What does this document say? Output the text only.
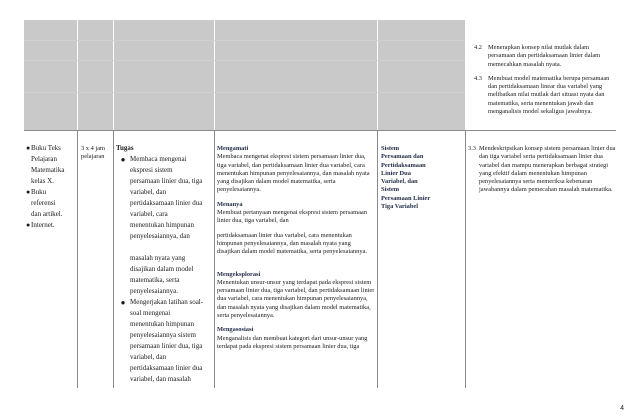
4.2 Menerapkan konsep nilai mutlak dalam persamaan dan pertidaksamaan linier dalam memecahkan masalah nyata.
4.3 Membuat model matematika berupa persamaan dan pertidaksamaan linear dua variabel yang melibatkan nilai mutlak dari situasi nyata dan matematika, serta menentukan jawab dan menganalisis model sekaligus jawabnya.
● Buku Teks
Pelajaran
Matematika
kelas X.
● Buku
referensi
dan artikel.
● Internet.
3 x 4 jam
pelajaran
Tugas
● Membaca mengenai
ekspresi sistem
persamaan linier dua, tiga
variabel, dan
pertidaksamaan linier dua
variabel, cara
menentukan himpunan
penyelesaiannya, dan
masalah nyata yang
disajikan dalam model
matematika, serta
penyelesaiannya.
● Mengerjakan latihan soal-
soal mengenai
menentukan himpunan
penyelesaiannya sistem
persamaan linier dua, tiga
variabel, dan
pertidaksamaan linier dua
variabel, dan masalah
Mengamati
Membaca mengenai ekspresi sistem persamaan linier dua, tiga variabel, dan pertidaksamaan linier dua variabel, cara menentukan himpunan penyelesaiannya, dan masalah nyata yang disajikan dalam model matematika, serta penyelesaiannya.
Menanya
Membuat pertanyaan mengenai ekspresi sistem persamaan linier dua, tiga variabel, dan
pertidaksamaan linier dua variabel, cara menentukan himpunan penyelesaiannya, dan masalah nyata yang disajikan dalam model matematika, serta penyelesaiannya.
Mengeksplorasi
Menentukan unsur-unsur yang terdapat pada ekspresi sistem persamaan linier dua, tiga variabel, dan pertidaksamaan linier dua variabel, cara menentukan himpunan penyelesaiannya, dan masalah nyata yang disajikan dalam model matematika, serta penyelesaiannya.
Mengasosiasi
Menganalisis dan membuat kategori dari unsur-unsur yang terdapat pada ekspresi sistem persamaan linier dua, tiga
Sistem
Persamaan dan
Pertidaksamaan
Linier Dua
Variabel, dan
Sistem
Persamaan Linier
Tiga Variabel
3.3 Mendeskripsikan konsep sistem persamaan linier dua dan tiga variabel serta pertidaksamaan linier dua variabel dan mampu menerapkan berbagai strategi yang efektif dalam menentukan himpunan penyelesaiannya serta memeriksa kebenaran jawabannya dalam pemecahan masalah matematika.
4
